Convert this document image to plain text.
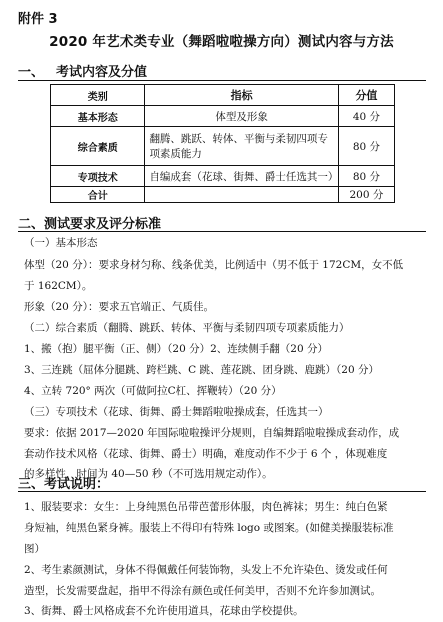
附件 3
2020 年艺术类专业（舞蹈啦啦操方向）测试内容与方法
一、 考试内容及分值
类别	指标	分值
基本形态	体型及形象	40 分
综合素质	翻腾、跳跃、转体、平衡与柔韧四项专项素质能力	80 分
专项技术	自编成套（花球、街舞、爵士任选其一）	80 分
合计		200 分
二、测试要求及评分标准
（一）基本形态
体型（20 分）：要求身材匀称、线条优美，比例适中（男不低于 172CM，女不低
于 162CM）。
形象（20 分）：要求五官端正、气质佳。
（二）综合素质（翻腾、跳跃、转体、平衡与柔韧四项专项素质能力）
1、搬（抱）腿平衡（正、侧）（20 分）2、连续侧手翻（20 分）
3、三连跳（屈体分腿跳、跨栏跳、C 跳、莲花跳、团身跳、鹿跳）（20 分）
4、立转 720° 两次（可做阿拉C杠、挥鞭转）（20 分）
（三）专项技术（花球、街舞、爵士舞蹈啦啦操成套，任选其一）
要求：依据 2017—2020 年国际啦啦操评分规则，自编舞蹈啦啦操成套动作，成
套动作技术风格（花球、街舞、爵士）明确，难度动作不少于 6 个 ，体现难度
的多样性，时间为 40—50 秒（不可选用规定动作）。
三、考试说明：
1、服装要求：女生：上身纯黑色吊带芭蕾形体服，肉色裤袜；男生：纯白色紧
身短袖，纯黑色紧身裤。服装上不得印有特殊 logo 或图案。(如健美操服装标准
图）
2、考生素颜测试，身体不得佩戴任何装饰物，头发上不允许染色、烫发或任何
造型，长发需要盘起，指甲不得涂有颜色或任何美甲，否则不允许参加测试。
3、街舞、爵士风格成套不允许使用道具，花球由学校提供。
